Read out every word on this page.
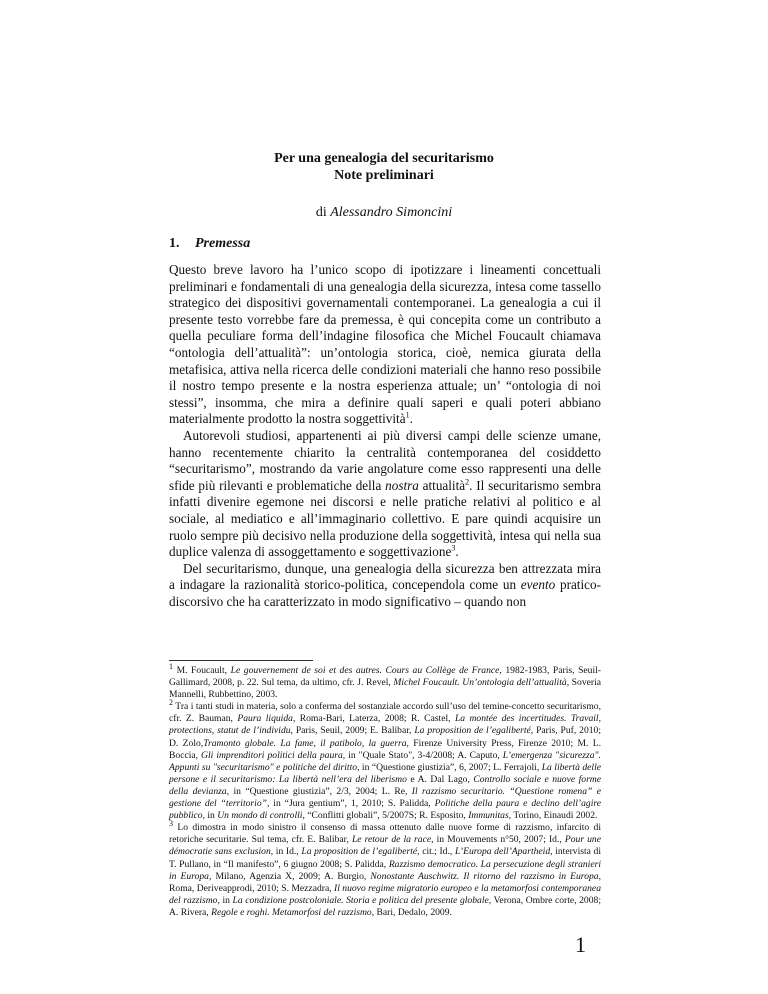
Per una genealogia del securitarismo

Note preliminari

di Alessandro Simoncini
1. Premessa

Questo breve lavoro ha l’unico scopo di ipotizzare i lineamenti concettuali preliminari e fondamentali di una genealogia della sicurezza, intesa come tassello strategico dei dispositivi governamentali contemporanei. La genealogia a cui il presente testo vorrebbe fare da premessa, è qui concepita come un contributo a quella peculiare forma dell’indagine filosofica che Michel Foucault chiamava “ontologia dell’attualità”: un’ontologia storica, cioè, nemica giurata della metafisica, attiva nella ricerca delle condizioni materiali che hanno reso possibile il nostro tempo presente e la nostra esperienza attuale; un’ “ontologia di noi stessi”, insomma, che mira a definire quali saperi e quali poteri abbiano materialmente prodotto la nostra soggettività$^1$.

Autorevoli studiosi, appartenenti ai più diversi campi delle scienze umane, hanno recentemente chiarito la centralità contemporanea del cosiddetto “securitarismo”, mostrando da varie angolature come esso rappresenti una delle sfide più rilevanti e problematiche della nostra attualità$^2$. Il securitarismo sembra infatti divenire egemone nei discorsi e nelle pratiche relativi al politico e al sociale, al mediatico e all’immaginario collettivo. E pare quindi acquisire un ruolo sempre più decisivo nella produzione della soggettività, intesa qui nella sua duplice valenza di assoggettamento e soggettivazione$^3$.

Del securitarismo, dunque, una genealogia della sicurezza ben attrezzata mira a indagare la razionalità storico-politica, concependola come un evento pratico-discorsivo che ha caratterizzato in modo significativo – quando non

$^1$ M. Foucault, Le gouvernement de soi et des autres. Cours au Collège de France, 1982-1983, Paris, Seuil-Gallimard, 2008, p. 22. Sul tema, da ultimo, cfr. J. Revel, Michel Foucault. Un’ontologia dell’attualità, Soveria Mannelli, Rubbettino, 2003.

$^2$ Tra i tanti studi in materia, solo a conferma del sostanziale accordo sull’uso del temine-concetto securitarismo, cfr. Z. Bauman, Paura liquida, Roma-Bari, Laterza, 2008; R. Castel, La montée des incertitudes. Travail, protections, statut de l’individu, Paris, Seuil, 2009; E. Balibar, La proposition de l’egaliberté, Paris, Puf, 2010; D. Zolo,Tramonto globale. La fame, il patibolo, la guerra, Firenze University Press, Firenze 2010; M. L. Boccia, Gli imprenditori politici della paura, in "Quale Stato", 3-4/2008; A. Caputo, L’emergenza "sicurezza". Appunti su "securitarismo" e politiche del diritto, in “Questione giustizia”, 6, 2007; L. Ferrajoli, La libertà delle persone e il securitarismo: La libertà nell’era del liberismo e A. Dal Lago, Controllo sociale e nuove forme della devianza, in “Questione giustizia”, 2/3, 2004; L. Re, Il razzismo securitario. “Questione romena” e gestione del “territorio”, in “Jura gentium”, 1, 2010; S. Palidda, Politiche della paura e declino dell’agire pubblico, in Un mondo di controlli, “Conflitti globali”, 5/2007S; R. Esposito, Immunitas, Torino, Einaudi 2002.

$^3$ Lo dimostra in modo sinistro il consenso di massa ottenuto dalle nuove forme di razzismo, infarcito di retoriche securitarie. Sul tema, cfr. E. Balibar, Le retour de la race, in Mouvements n°50, 2007; Id., Pour une démocratie sans exclusion, in Id., La proposition de l’egaliberté, cit.; Id., L’Europa dell’Apartheid, intervista di T. Pullano, in “Il manifesto”, 6 giugno 2008; S. Palidda, Razzismo democratico. La persecuzione degli stranieri in Europa, Milano, Agenzia X, 2009; A. Burgio, Nonostante Auschwitz. Il ritorno del razzismo in Europa, Roma, Deriveapprodi, 2010; S. Mezzadra, Il nuovo regime migratorio europeo e la metamorfosi contemporanea del razzismo, in La condizione postcoloniale. Storia e politica del presente globale, Verona, Ombre corte, 2008; A. Rivera, Regole e roghi. Metamorfosi del razzismo, Bari, Dedalo, 2009.

1
